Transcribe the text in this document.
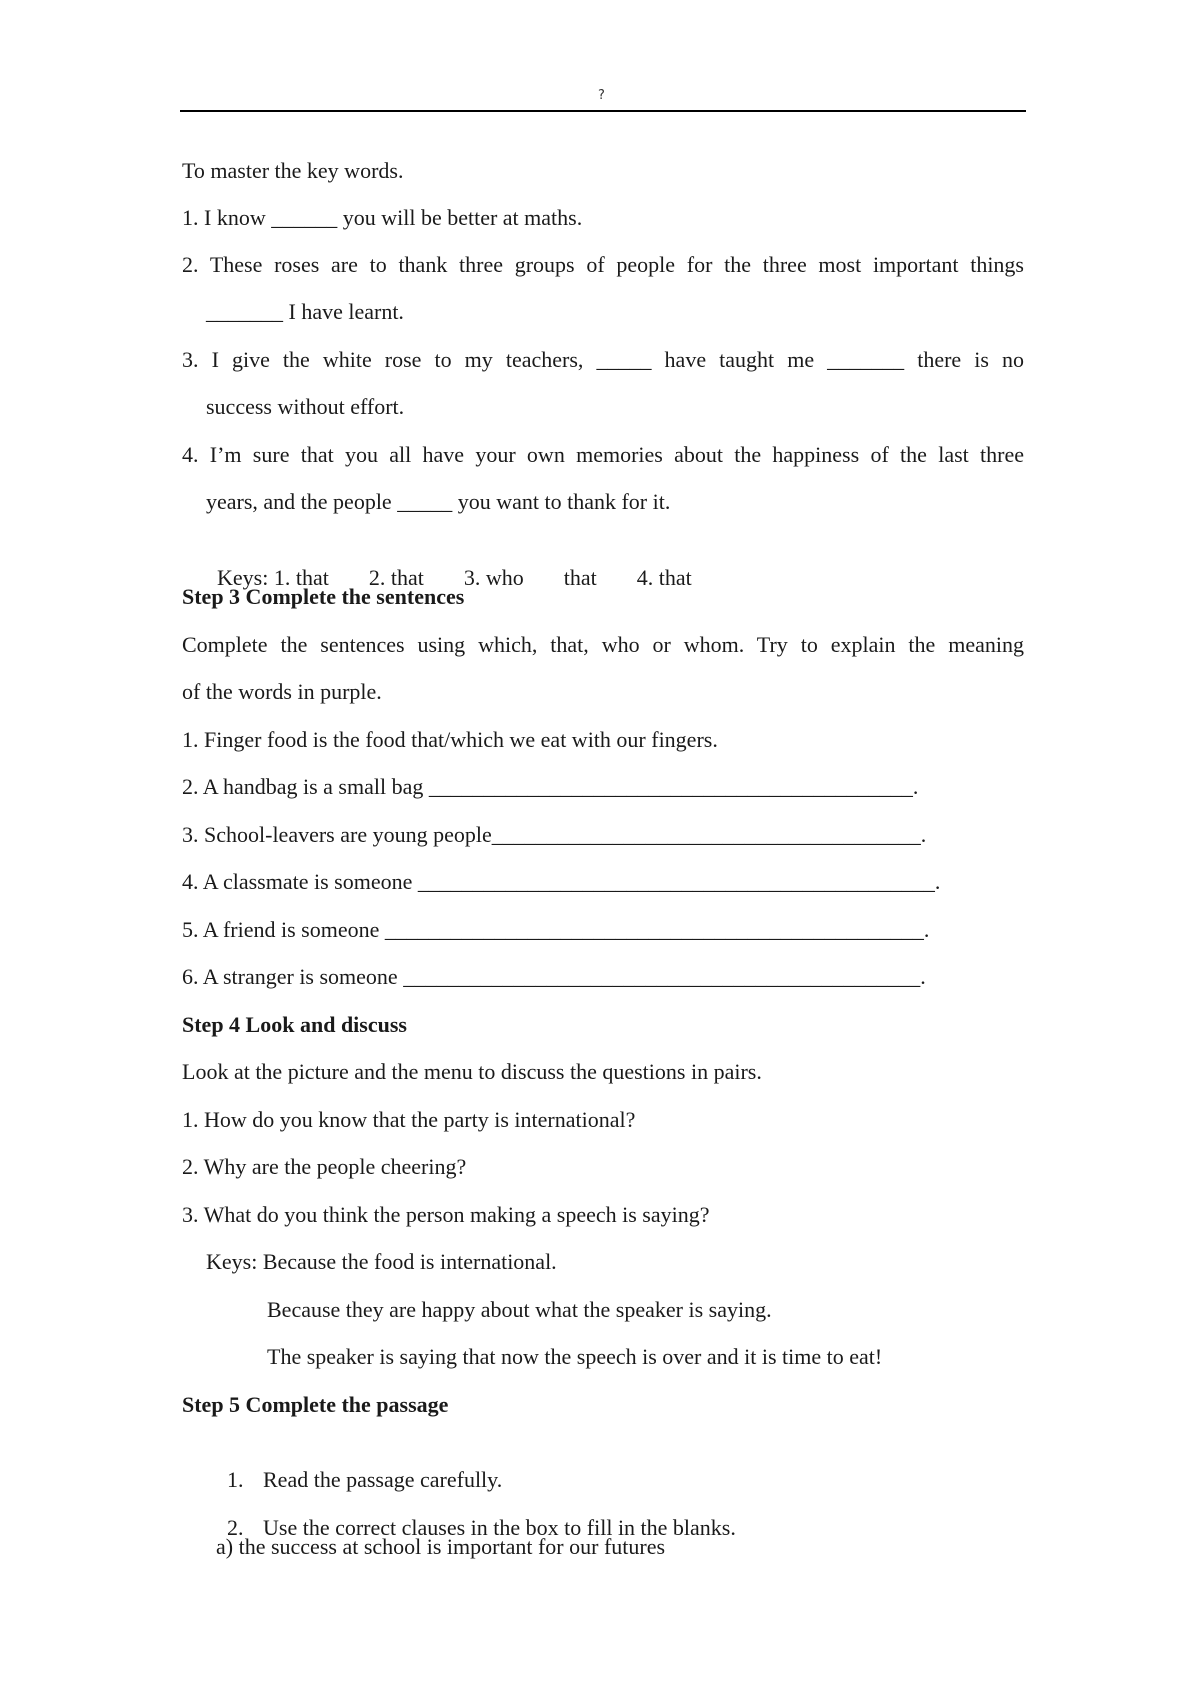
?
To master the key words.
1. I know ______ you will be better at maths.
2. These roses are to thank three groups of people for the three most important things
_______ I have learnt.
3. I give the white rose to my teachers, _____ have taught me _______ there is no
success without effort.
4. I’m sure that you all have your own memories about the happiness of the last three
years, and the people _____ you want to thank for it.

Keys: 1. that 2. that 3. who that 4. that

Step 3 Complete the sentences
Complete the sentences using which, that, who or whom. Try to explain the meaning
of the words in purple.
1. Finger food is the food that/which we eat with our fingers.
2. A handbag is a small bag ____________________________________________.
3. School-leavers are young people_______________________________________.
4. A classmate is someone _______________________________________________.
5. A friend is someone _________________________________________________.
6. A stranger is someone _______________________________________________.
Step 4 Look and discuss
Look at the picture and the menu to discuss the questions in pairs.
1. How do you know that the party is international?
2. Why are the people cheering?
3. What do you think the person making a speech is saying?
Keys: Because the food is international.
Because they are happy about what the speaker is saying.
The speaker is saying that now the speech is over and it is time to eat!
Step 5 Complete the passage

1. Read the passage carefully.

2. Use the correct clauses in the box to fill in the blanks.

a) the success at school is important for our futures
